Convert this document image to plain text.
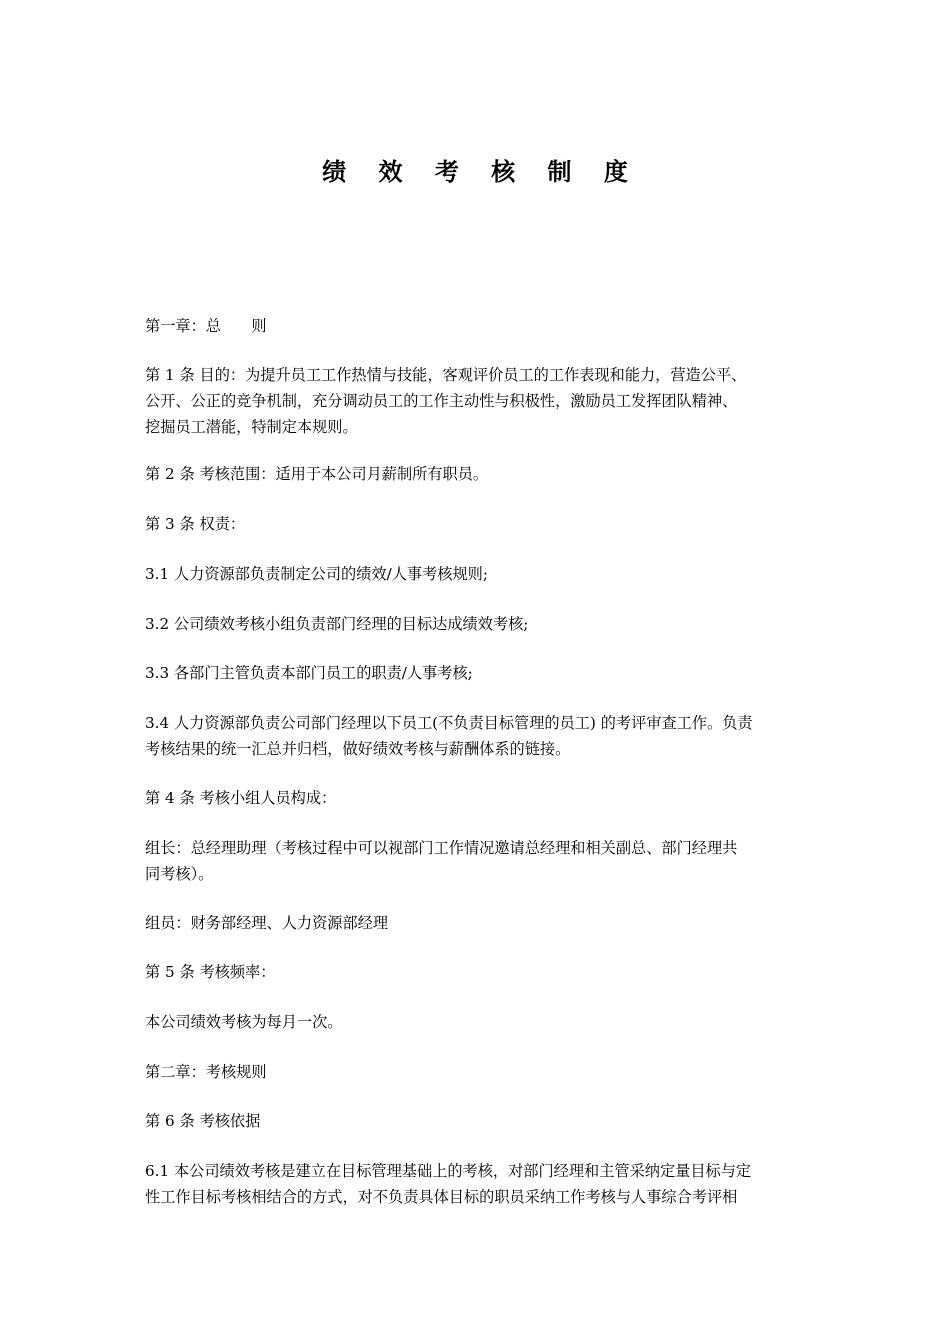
绩 效 考 核 制 度
第一章：总　　则
第 1 条 目的：为提升员工工作热情与技能，客观评价员工的工作表现和能力，营造公平、
公开、公正的竞争机制，充分调动员工的工作主动性与积极性，激励员工发挥团队精神、
挖掘员工潜能，特制定本规则。
第 2 条 考核范围：适用于本公司月薪制所有职员。
第 3 条 权责：
3.1 人力资源部负责制定公司的绩效/人事考核规则;
3.2 公司绩效考核小组负责部门经理的目标达成绩效考核;
3.3 各部门主管负责本部门员工的职责/人事考核;
3.4 人力资源部负责公司部门经理以下员工(不负责目标管理的员工) 的考评审查工作。负责
考核结果的统一汇总并归档，做好绩效考核与薪酬体系的链接。
第 4 条 考核小组人员构成：
组长：总经理助理（考核过程中可以视部门工作情况邀请总经理和相关副总、部门经理共
同考核）。
组员：财务部经理、人力资源部经理
第 5 条 考核频率：
本公司绩效考核为每月一次。
第二章：考核规则
第 6 条 考核依据
6.1 本公司绩效考核是建立在目标管理基础上的考核，对部门经理和主管采纳定量目标与定
性工作目标考核相结合的方式，对不负责具体目标的职员采纳工作考核与人事综合考评相
